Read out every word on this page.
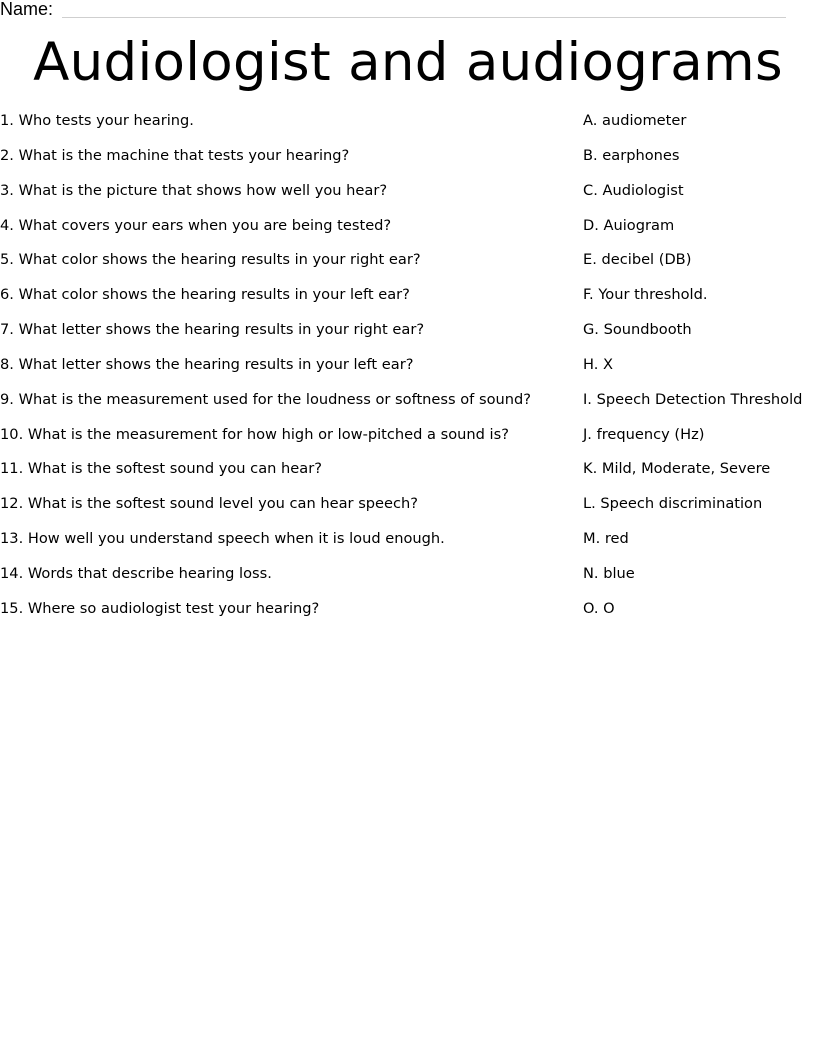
Name:
Audiologist and audiograms
1. Who tests your hearing.
2. What is the machine that tests your hearing?
3. What is the picture that shows how well you hear?
4. What covers your ears when you are being tested?
5. What color shows the hearing results in your right ear?
6. What color shows the hearing results in your left ear?
7. What letter shows the hearing results in your right ear?
8. What letter shows the hearing results in your left ear?
9. What is the measurement used for the loudness or softness of sound?
10. What is the measurement for how high or low-pitched a sound is?
11. What is the softest sound you can hear?
12. What is the softest sound level you can hear speech?
13. How well you understand speech when it is loud enough.
14. Words that describe hearing loss.
15. Where so audiologist test your hearing?
A. audiometer
B. earphones
C. Audiologist
D. Auiogram
E. decibel (DB)
F. Your threshold.
G. Soundbooth
H. X
I. Speech Detection Threshold
J. frequency (Hz)
K. Mild, Moderate, Severe
L. Speech discrimination
M. red
N. blue
O. O
